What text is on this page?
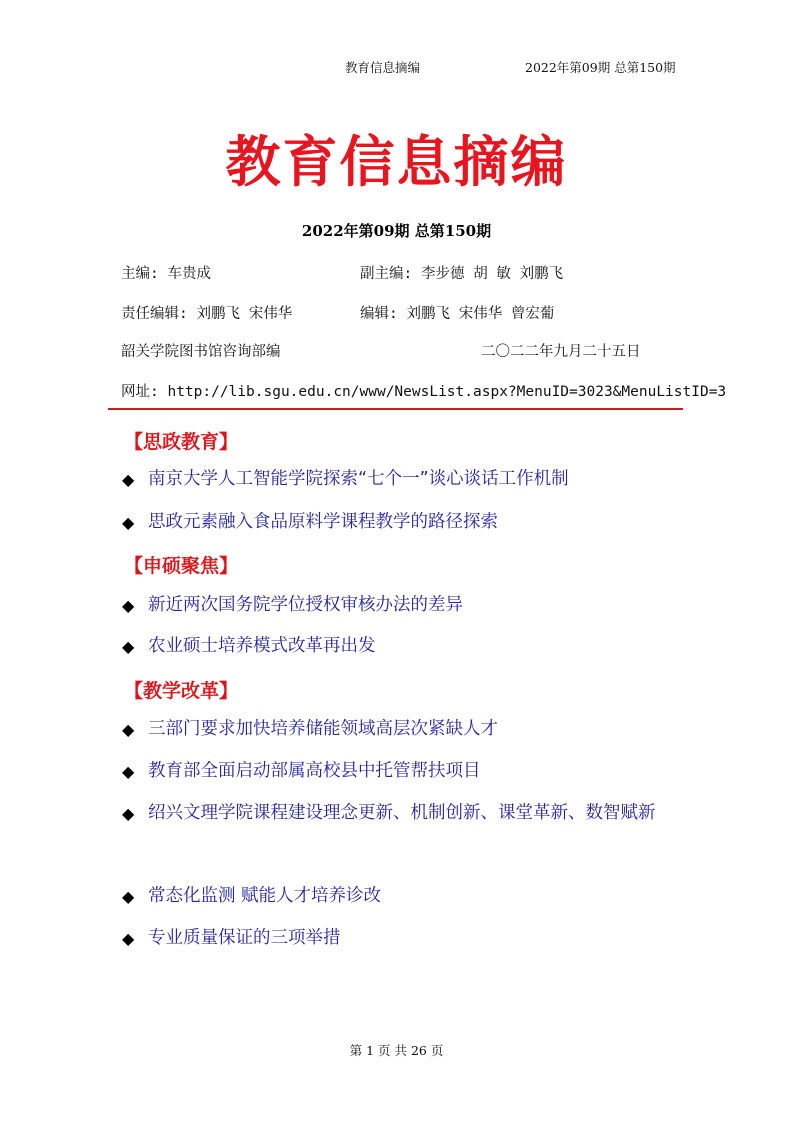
教育信息摘编	2022年第09期 总第150期
教育信息摘编
2022年第09期 总第150期
主编: 车贵成	副主编: 李步德 胡 敏 刘鹏飞
责任编辑: 刘鹏飞 宋伟华	编辑: 刘鹏飞 宋伟华 曾宏葡
韶关学院图书馆咨询部编	二〇二二年九月二十五日
网址: http://lib.sgu.edu.cn/www/NewsList.aspx?MenuID=3023&MenuListID=3
【思政教育】
◆ 南京大学人工智能学院探索“七个一”谈心谈话工作机制
◆ 思政元素融入食品原料学课程教学的路径探索
【申硕聚焦】
◆ 新近两次国务院学位授权审核办法的差异
◆ 农业硕士培养模式改革再出发
【教学改革】
◆ 三部门要求加快培养储能领域高层次紧缺人才
◆ 教育部全面启动部属高校县中托管帮扶项目
◆ 绍兴文理学院课程建设理念更新、机制创新、课堂革新、数智赋新
◆ 常态化监测 赋能人才培养诊改
◆ 专业质量保证的三项举措
第 1 页 共 26 页
